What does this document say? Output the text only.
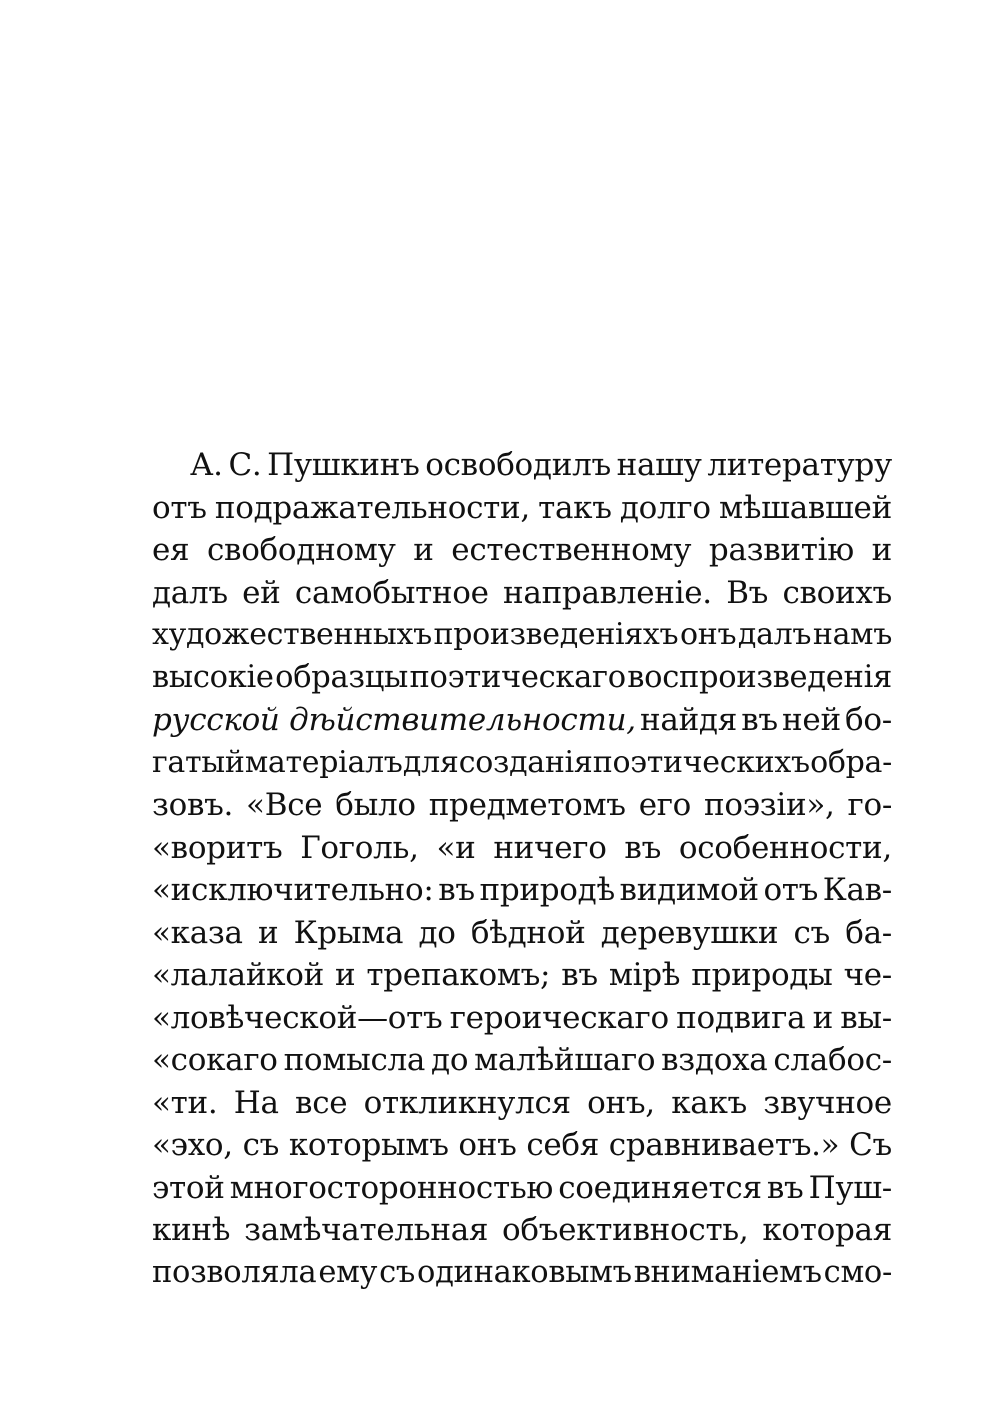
А. С. Пушкинъ освободилъ нашу литературу
отъ подражательности, такъ долго мѣшавшей
ея свободному и естественному развитію и
далъ ей самобытное направленіе. Въ своихъ
художественныхъ произведеніяхъ онъ далъ намъ
высокіе образцы поэтическаго воспроизведенія
русской дѣйствительности, найдя въ ней бо-
гатый матеріалъ для созданія поэтическихъ обра-
зовъ. «Все было предметомъ его поэзіи», го-
«воритъ Гоголь, «и ничего въ особенности,
«исключительно: въ природѣ видимой отъ Кав-
«каза и Крыма до бѣдной деревушки съ ба-
«лалайкой и трепакомъ; въ мірѣ природы че-
«ловѣческой—отъ героическаго подвига и вы-
«сокаго помысла до малѣйшаго вздоха слабос-
«ти. На все откликнулся онъ, какъ звучное
«эхо, съ которымъ онъ себя сравниваетъ.» Съ
этой многосторонностью соединяется въ Пуш-
кинѣ замѣчательная объективность, которая
позволяла ему съ одинаковымъ вниманіемъ смо-
